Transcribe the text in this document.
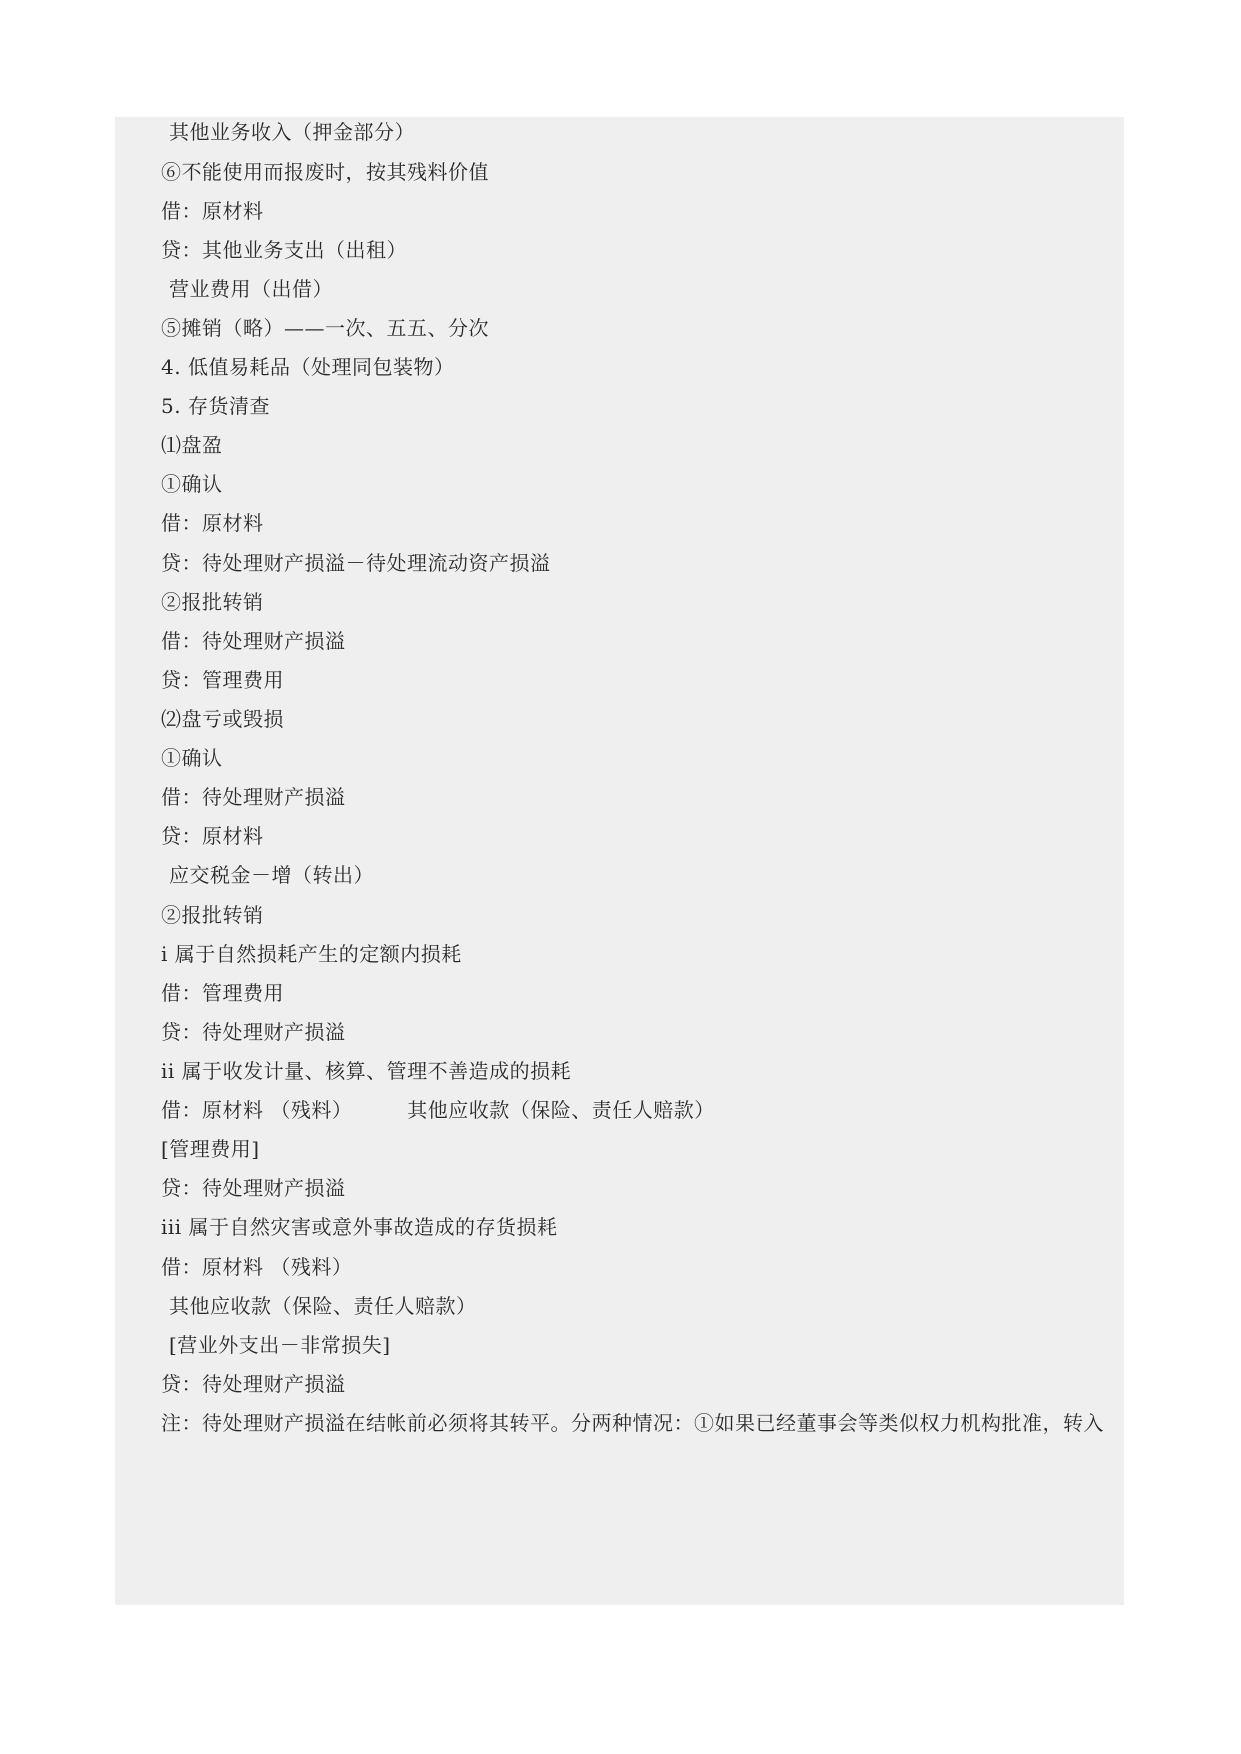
其他业务收入（押金部分）

⑥不能使用而报废时，按其残料价值

借：原材料

贷：其他业务支出（出租）

营业费用（出借）

⑤摊销（略）——一次、五五、分次

4. 低值易耗品（处理同包装物）

5. 存货清查

⑴盘盈

①确认

借：原材料

贷：待处理财产损溢－待处理流动资产损溢

②报批转销

借：待处理财产损溢

贷：管理费用

⑵盘亏或毁损

①确认

借：待处理财产损溢

贷：原材料

应交税金－增（转出）

②报批转销

i 属于自然损耗产生的定额内损耗

借：管理费用

贷：待处理财产损溢

ii 属于收发计量、核算、管理不善造成的损耗

借：原材料 （残料）        其他应收款（保险、责任人赔款）

[管理费用]

贷：待处理财产损溢

iii 属于自然灾害或意外事故造成的存货损耗

借：原材料 （残料）

其他应收款（保险、责任人赔款）

[营业外支出－非常损失]

贷：待处理财产损溢

注：待处理财产损溢在结帐前必须将其转平。分两种情况：①如果已经董事会等类似权力机构批准，转入
